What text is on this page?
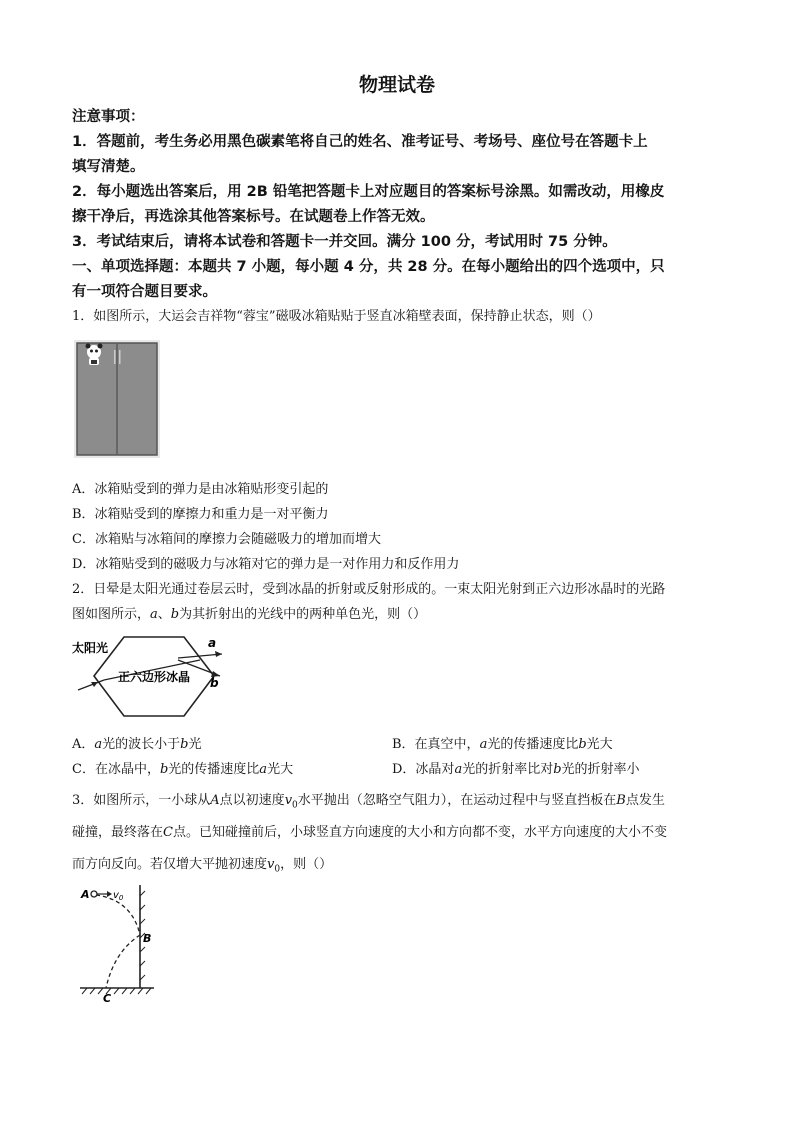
物理试卷
注意事项：
1．答题前，考生务必用黑色碳素笔将自己的姓名、准考证号、考场号、座位号在答题卡上
填写清楚。
2．每小题选出答案后，用 2B 铅笔把答题卡上对应题目的答案标号涂黑。如需改动，用橡皮
擦干净后，再选涂其他答案标号。在试题卷上作答无效。
3．考试结束后，请将本试卷和答题卡一并交回。满分 100 分，考试用时 75 分钟。
一、单项选择题：本题共 7 小题，每小题 4 分，共 28 分。在每小题给出的四个选项中，只
有一项符合题目要求。
1．如图所示，大运会吉祥物“蓉宝”磁吸冰箱贴贴于竖直冰箱壁表面，保持静止状态，则（）
A．冰箱贴受到的弹力是由冰箱贴形变引起的
B．冰箱贴受到的摩擦力和重力是一对平衡力
C．冰箱贴与冰箱间的摩擦力会随磁吸力的增加而增大
D．冰箱贴受到的磁吸力与冰箱对它的弹力是一对作用力和反作用力
2．日晕是太阳光通过卷层云时，受到冰晶的折射或反射形成的。一束太阳光射到正六边形冰晶时的光路
图如图所示，a、b为其折射出的光线中的两种单色光，则（）
太阳光
正六边形冰晶
a
b
A．a光的波长小于b光	B．在真空中，a光的传播速度比b光大
C．在冰晶中，b光的传播速度比a光大	D．冰晶对a光的折射率比对b光的折射率小
3．如图所示，一小球从A点以初速度$v_0$水平抛出（忽略空气阻力），在运动过程中与竖直挡板在B点发生
碰撞，最终落在C点。已知碰撞前后，小球竖直方向速度的大小和方向都不变，水平方向速度的大小不变
而方向反向。若仅增大平抛初速度$v_0$，则（）
A $v_0$
B
C
